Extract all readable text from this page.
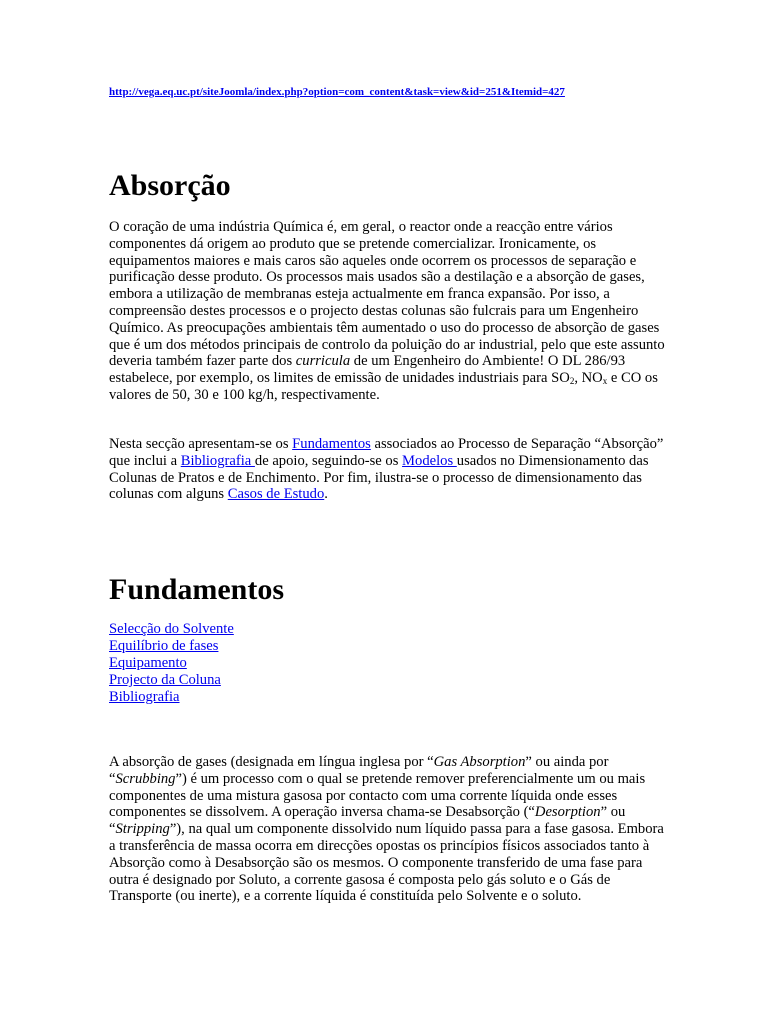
http://vega.eq.uc.pt/siteJoomla/index.php?option=com_content&task=view&id=251&Itemid=427
Absorção

O coração de uma indústria Química é, em geral, o reactor onde a reacção entre vários componentes dá origem ao produto que se pretende comercializar. Ironicamente, os equipamentos maiores e mais caros são aqueles onde ocorrem os processos de separação e purificação desse produto. Os processos mais usados são a destilação e a absorção de gases, embora a utilização de membranas esteja actualmente em franca expansão. Por isso, a compreensão destes processos e o projecto destas colunas são fulcrais para um Engenheiro Químico. As preocupações ambientais têm aumentado o uso do processo de absorção de gases que é um dos métodos principais de controlo da poluição do ar industrial, pelo que este assunto deveria também fazer parte dos curricula de um Engenheiro do Ambiente! O DL 286/93 estabelece, por exemplo, os limites de emissão de unidades industriais para $SO_2$, $NO_x$ e CO os valores de 50, 30 e 100 kg/h, respectivamente.

Nesta secção apresentam-se os Fundamentos associados ao Processo de Separação “Absorção” que inclui a Bibliografia de apoio, seguindo-se os Modelos usados no Dimensionamento das Colunas de Pratos e de Enchimento. Por fim, ilustra-se o processo de dimensionamento das colunas com alguns Casos de Estudo.

Fundamentos
Selecção do Solvente
Equilíbrio de fases
Equipamento
Projecto da Coluna
Bibliografia

A absorção de gases (designada em língua inglesa por “Gas Absorption” ou ainda por “Scrubbing”) é um processo com o qual se pretende remover preferencialmente um ou mais componentes de uma mistura gasosa por contacto com uma corrente líquida onde esses componentes se dissolvem. A operação inversa chama-se Desabsorção (“Desorption” ou “Stripping”), na qual um componente dissolvido num líquido passa para a fase gasosa. Embora a transferência de massa ocorra em direcções opostas os princípios físicos associados tanto à Absorção como à Desabsorção são os mesmos. O componente transferido de uma fase para outra é designado por Soluto, a corrente gasosa é composta pelo gás soluto e o Gás de Transporte (ou inerte), e a corrente líquida é constituída pelo Solvente e o soluto.
